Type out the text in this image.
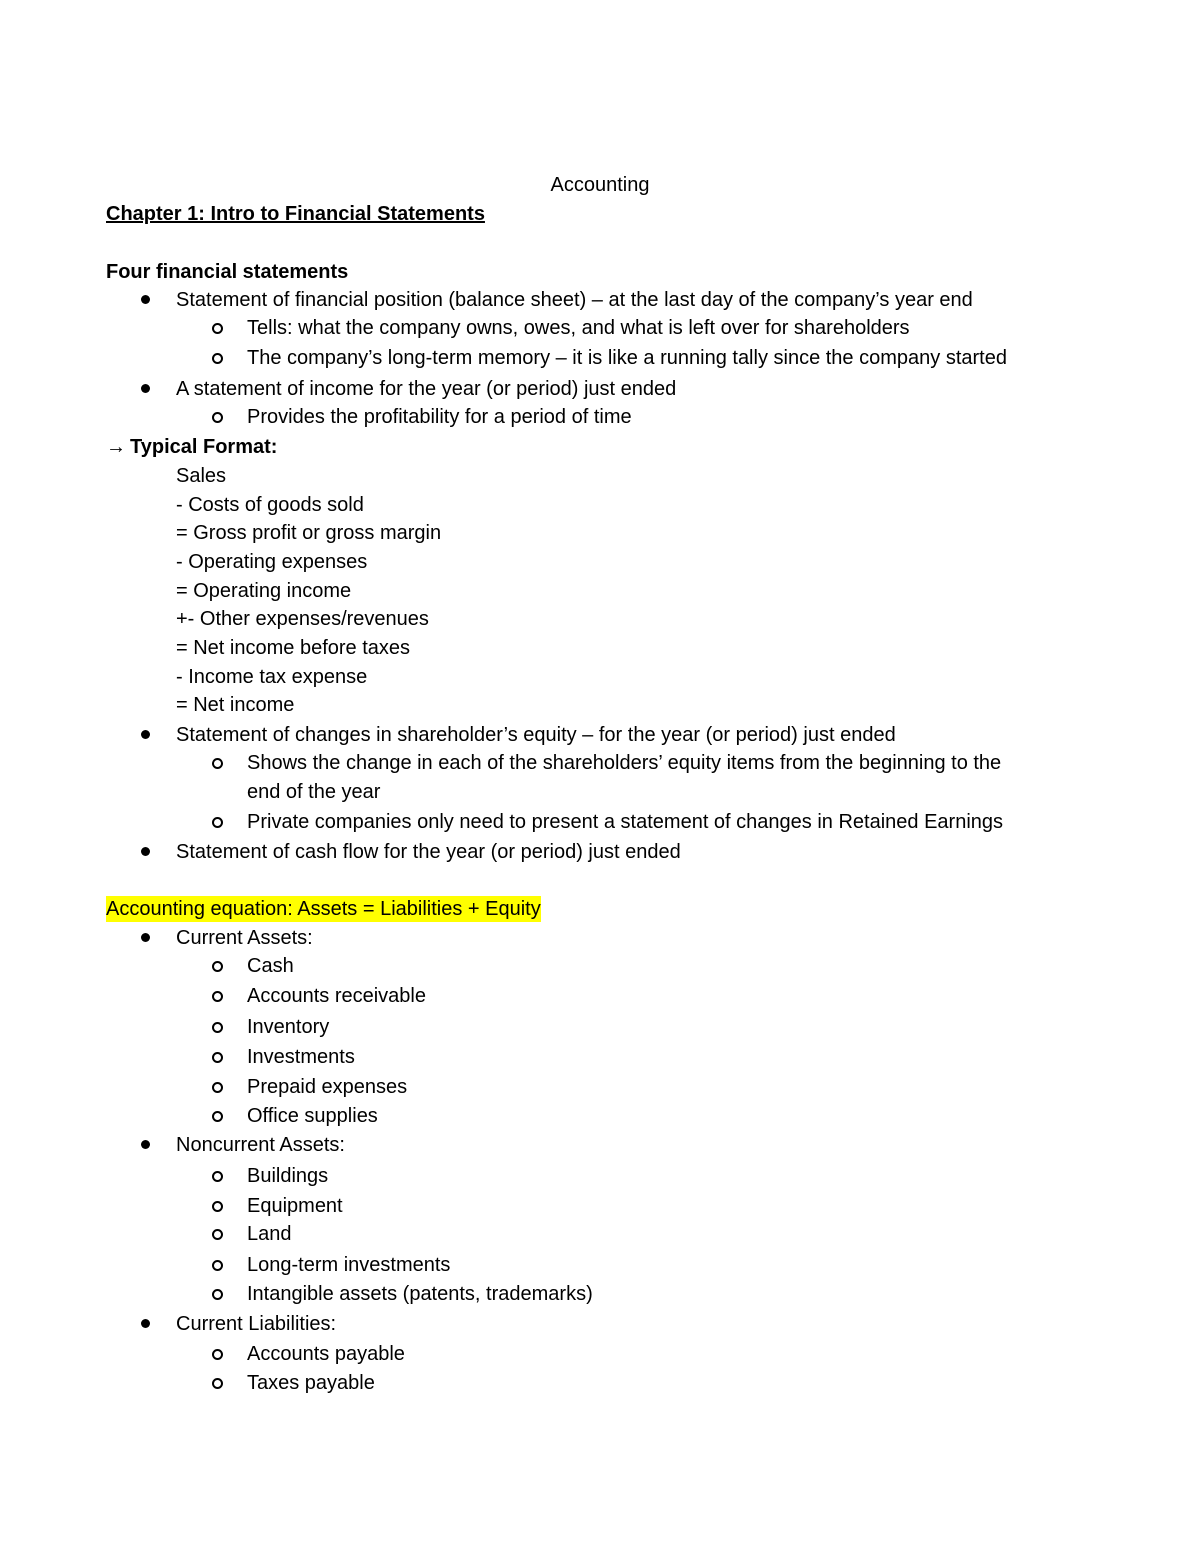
Accounting
Chapter 1: Intro to Financial Statements
Four financial statements
Statement of financial position (balance sheet) – at the last day of the company’s year end
Tells: what the company owns, owes, and what is left over for shareholders
The company’s long-term memory – it is like a running tally since the company started
A statement of income for the year (or period) just ended
Provides the profitability for a period of time
→ Typical Format:
Sales
- Costs of goods sold
= Gross profit or gross margin
- Operating expenses
= Operating income
+- Other expenses/revenues
= Net income before taxes
- Income tax expense
= Net income
Statement of changes in shareholder’s equity – for the year (or period) just ended
Shows the change in each of the shareholders’ equity items from the beginning to the
end of the year
Private companies only need to present a statement of changes in Retained Earnings
Statement of cash flow for the year (or period) just ended
Accounting equation: Assets = Liabilities + Equity
Current Assets:
Cash
Accounts receivable
Inventory
Investments
Prepaid expenses
Office supplies
Noncurrent Assets:
Buildings
Equipment
Land
Long-term investments
Intangible assets (patents, trademarks)
Current Liabilities:
Accounts payable
Taxes payable
